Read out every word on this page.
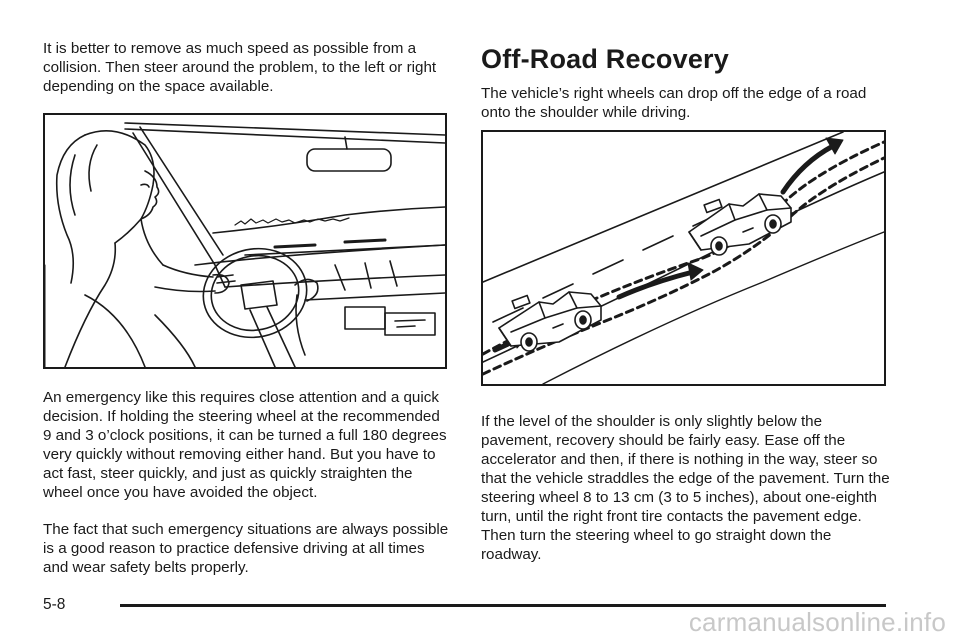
It is better to remove as much speed as possible from a collision. Then steer around the problem, to the left or right depending on the space available.

An emergency like this requires close attention and a quick decision. If holding the steering wheel at the recommended 9 and 3 o’clock positions, it can be turned a full 180 degrees very quickly without removing either hand. But you have to act fast, steer quickly, and just as quickly straighten the wheel once you have avoided the object.

The fact that such emergency situations are always possible is a good reason to practice defensive driving at all times and wear safety belts properly.

Off-Road Recovery

The vehicle’s right wheels can drop off the edge of a road onto the shoulder while driving.

If the level of the shoulder is only slightly below the pavement, recovery should be fairly easy. Ease off the accelerator and then, if there is nothing in the way, steer so that the vehicle straddles the edge of the pavement. Turn the steering wheel 8 to 13 cm (3 to 5 inches), about one-eighth turn, until the right front tire contacts the pavement edge. Then turn the steering wheel to go straight down the roadway.

5-8
carmanualsonline.info
